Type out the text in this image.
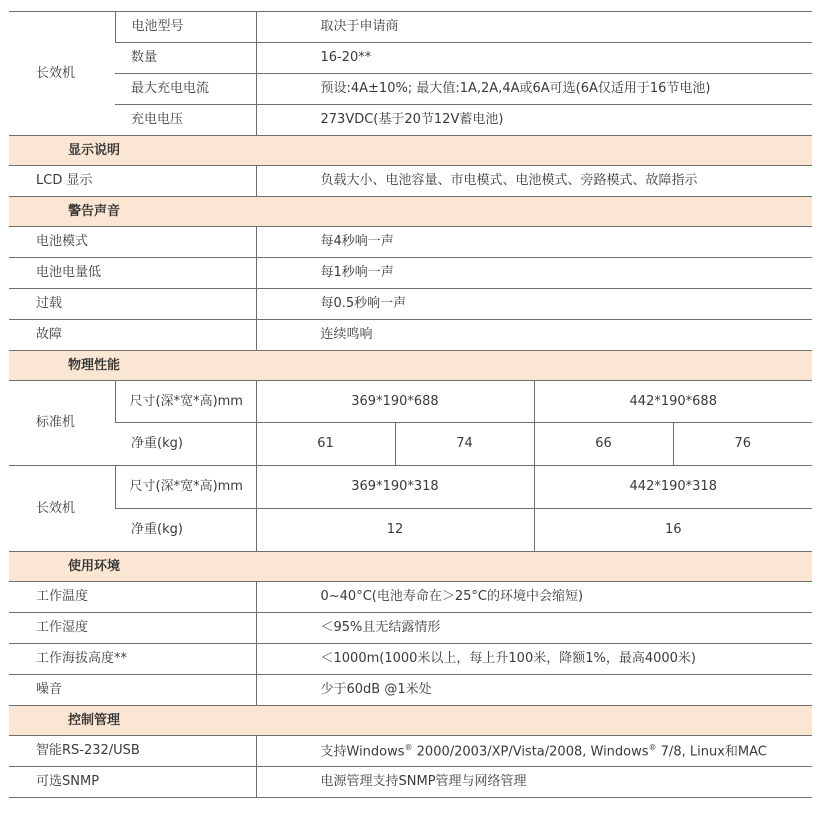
长效机	电池型号	取决于申请商			
	数量	16-20**			
	最大充电电流	预设:4A±10%; 最大值:1A,2A,4A或6A可选(6A仅适用于16节电池)			
	充电电压	273VDC(基于20节12V蓄电池)			
显示说明					
LCD 显示		负载大小、电池容量、市电模式、电池模式、旁路模式、故障指示			
警告声音					
电池模式		每4秒响一声			
电池电量低		每1秒响一声			
过载		每0.5秒响一声			
故障		连续鸣响			
物理性能					
标准机	尺寸(深*宽*高)mm	369*190*688		442*190*688	
	净重(kg)	61	74	66	76
长效机	尺寸(深*宽*高)mm	369*190*318		442*190*318	
	净重(kg)	12		16	
使用环境					
工作温度		0~40°C(电池寿命在＞25°C的环境中会缩短)			
工作湿度		＜95%且无结露情形			
工作海拔高度**		＜1000m(1000米以上，每上升100米，降额1%，最高4000米)			
噪音		少于60dB @1米处			
控制管理					
智能RS-232/USB		支持Windows® 2000/2003/XP/Vista/2008, Windows® 7/8, Linux和MAC			
可选SNMP		电源管理支持SNMP管理与网络管理			
